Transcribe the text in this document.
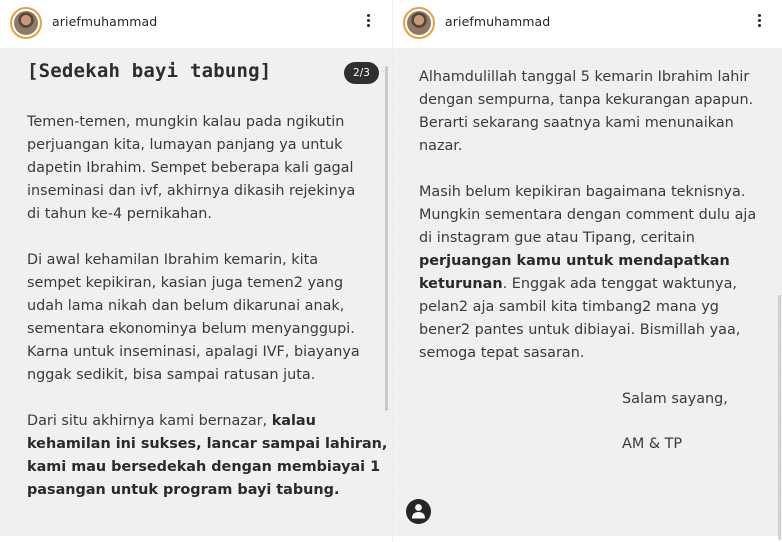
ariefmuhammad
[Sedekah bayi tabung]	2/3
Temen-temen, mungkin kalau pada ngikutin
perjuangan kita, lumayan panjang ya untuk
dapetin Ibrahim. Sempet beberapa kali gagal
inseminasi dan ivf, akhirnya dikasih rejekinya
di tahun ke-4 pernikahan.
Di awal kehamilan Ibrahim kemarin, kita
sempet kepikiran, kasian juga temen2 yang
udah lama nikah dan belum dikarunai anak,
sementara ekonominya belum menyanggupi.
Karna untuk inseminasi, apalagi IVF, biayanya
nggak sedikit, bisa sampai ratusan juta.
Dari situ akhirnya kami bernazar, kalau
kehamilan ini sukses, lancar sampai lahiran,
kami mau bersedekah dengan membiayai 1
pasangan untuk program bayi tabung.
ariefmuhammad
Alhamdulillah tanggal 5 kemarin Ibrahim lahir
dengan sempurna, tanpa kekurangan apapun.
Berarti sekarang saatnya kami menunaikan
nazar.
Masih belum kepikiran bagaimana teknisnya.
Mungkin sementara dengan comment dulu aja
di instagram gue atau Tipang, ceritain
perjuangan kamu untuk mendapatkan
keturunan. Enggak ada tenggat waktunya,
pelan2 aja sambil kita timbang2 mana yg
bener2 pantes untuk dibiayai. Bismillah yaa,
semoga tepat sasaran.
Salam sayang,
AM & TP
